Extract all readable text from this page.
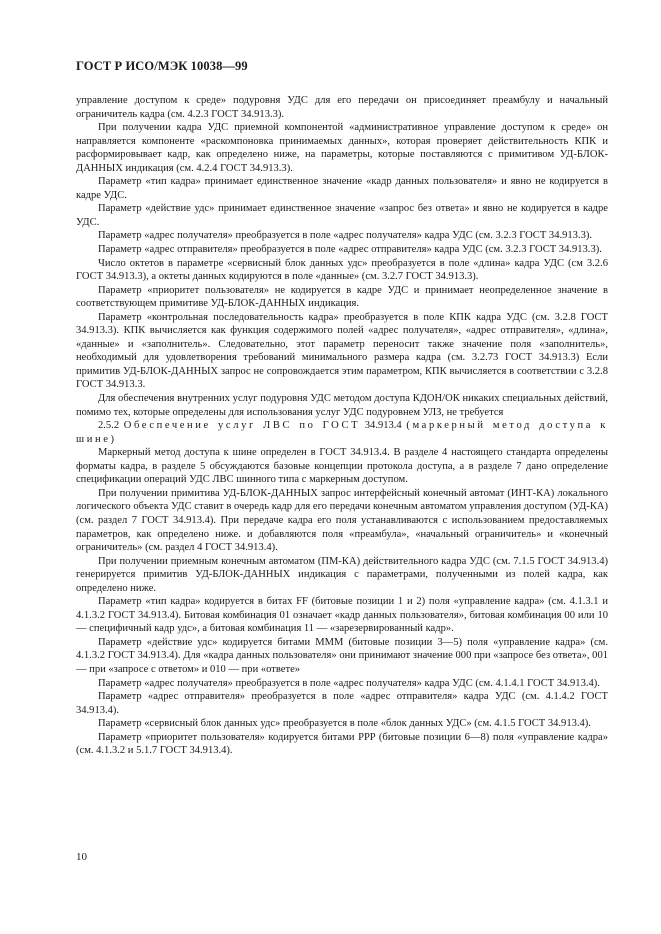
ГОСТ Р ИСО/МЭК 10038—99

управление доступом к среде» подуровня УДС для его передачи он присоединяет преамбулу и начальный ограничитель кадра (см. 4.2.3 ГОСТ 34.913.3).

При получении кадра УДС приемной компонентой «административное управление доступом к среде» он направляется компоненте «раскомпоновка принимаемых данных», которая проверяет действительность КПК и расформировывает кадр, как определено ниже, на параметры, которые поставляются с примитивом УД-БЛОК-ДАННЫХ индикация (см. 4.2.4 ГОСТ 34.913.3).

Параметр «тип кадра» принимает единственное значение «кадр данных пользователя» и явно не кодируется в кадре УДС.

Параметр «действие удс» принимает единственное значение «запрос без ответа» и явно не кодируется в кадре УДС.

Параметр «адрес получателя» преобразуется в поле «адрес получателя» кадра УДС (см. 3.2.3 ГОСТ 34.913.3).

Параметр «адрес отправителя» преобразуется в поле «адрес отправителя» кадра УДС (см. 3.2.3 ГОСТ 34.913.3).

Число октетов в параметре «сервисный блок данных удс» преобразуется в поле «длина» кадра УДС (см 3.2.6 ГОСТ 34.913.3), а октеты данных кодируются в поле «данные» (см. 3.2.7 ГОСТ 34.913.3).

Параметр «приоритет пользователя» не кодируется в кадре УДС и принимает неопределенное значение в соответствующем примитиве УД-БЛОК-ДАННЫХ индикация.

Параметр «контрольная последовательность кадра» преобразуется в поле КПК кадра УДС (см. 3.2.8 ГОСТ 34.913.3). КПК вычисляется как функция содержимого полей «адрес получателя», «адрес отправителя», «длина», «данные» и «заполнитель». Следовательно, этот параметр переносит также значение поля «заполнитель», необходимый для удовлетворения требований минимального размера кадра (см. 3.2.73 ГОСТ 34.913.3) Если примитив УД-БЛОК-ДАННЫХ запрос не сопровождается этим параметром, КПК вычисляется в соответствии с 3.2.8 ГОСТ 34.913.3.

Для обеспечения внутренних услуг подуровня УДС методом доступа КДОН/ОК никаких специальных действий, помимо тех, которые определены для использования услуг УДС подуровнем УЛЗ, не требуется

2.5.2 Обеспечение услуг ЛВС по ГОСТ 34.913.4 (маркерный метод доступа к шине)

Маркерный метод доступа к шине определен в ГОСТ 34.913.4. В разделе 4 настоящего стандарта определены форматы кадра, в разделе 5 обсуждаются базовые концепции протокола доступа, а в разделе 7 дано определение спецификации операций УДС ЛВС шинного типа с маркерным доступом.

При получении примитива УД-БЛОК-ДАННЫХ запрос интерфейсный конечный автомат (ИНТ-КА) локального логического объекта УДС ставит в очередь кадр для его передачи конечным автоматом управления доступом (УД-КА) (см. раздел 7 ГОСТ 34.913.4). При передаче кадра его поля устанавливаются с использованием предоставляемых параметров, как определено ниже. и добавляются поля «преамбула», «начальный ограничитель» и «конечный ограничитель» (см. раздел 4 ГОСТ 34.913.4).

При получении приемным конечным автоматом (ПМ-КА) действительного кадра УДС (см. 7.1.5 ГОСТ 34.913.4) генерируется примитив УД-БЛОК-ДАННЫХ индикация с параметрами, полученными из полей кадра, как определено ниже.

Параметр «тип кадра» кодируется в битах FF (битовые позиции 1 и 2) поля «управление кадра» (см. 4.1.3.1 и 4.1.3.2 ГОСТ 34.913.4). Битовая комбинация 01 означает «кадр данных пользователя», битовая комбинация 00 или 10 — специфичный кадр удс», а битовая комбинация 11 — «зарезервированный кадр».

Параметр «действие удс» кодируется битами МММ (битовые позиции 3—5) поля «управление кадра» (см. 4.1.3.2 ГОСТ 34.913.4). Для «кадра данных пользователя» они принимают значение 000 при «запросе без ответа», 001 — при «запросе с ответом» и 010 — при «ответе»

Параметр «адрес получателя» преобразуется в поле «адрес получателя» кадра УДС (см. 4.1.4.1 ГОСТ 34.913.4).

Параметр «адрес отправителя» преобразуется в поле «адрес отправителя» кадра УДС (см. 4.1.4.2 ГОСТ 34.913.4).

Параметр «сервисный блок данных удс» преобразуется в поле «блок данных УДС» (см. 4.1.5 ГОСТ 34.913.4).

Параметр «приоритет пользователя» кодируется битами PPP (битовые позиции 6—8) поля «управление кадра» (см. 4.1.3.2 и 5.1.7 ГОСТ 34.913.4).

10
